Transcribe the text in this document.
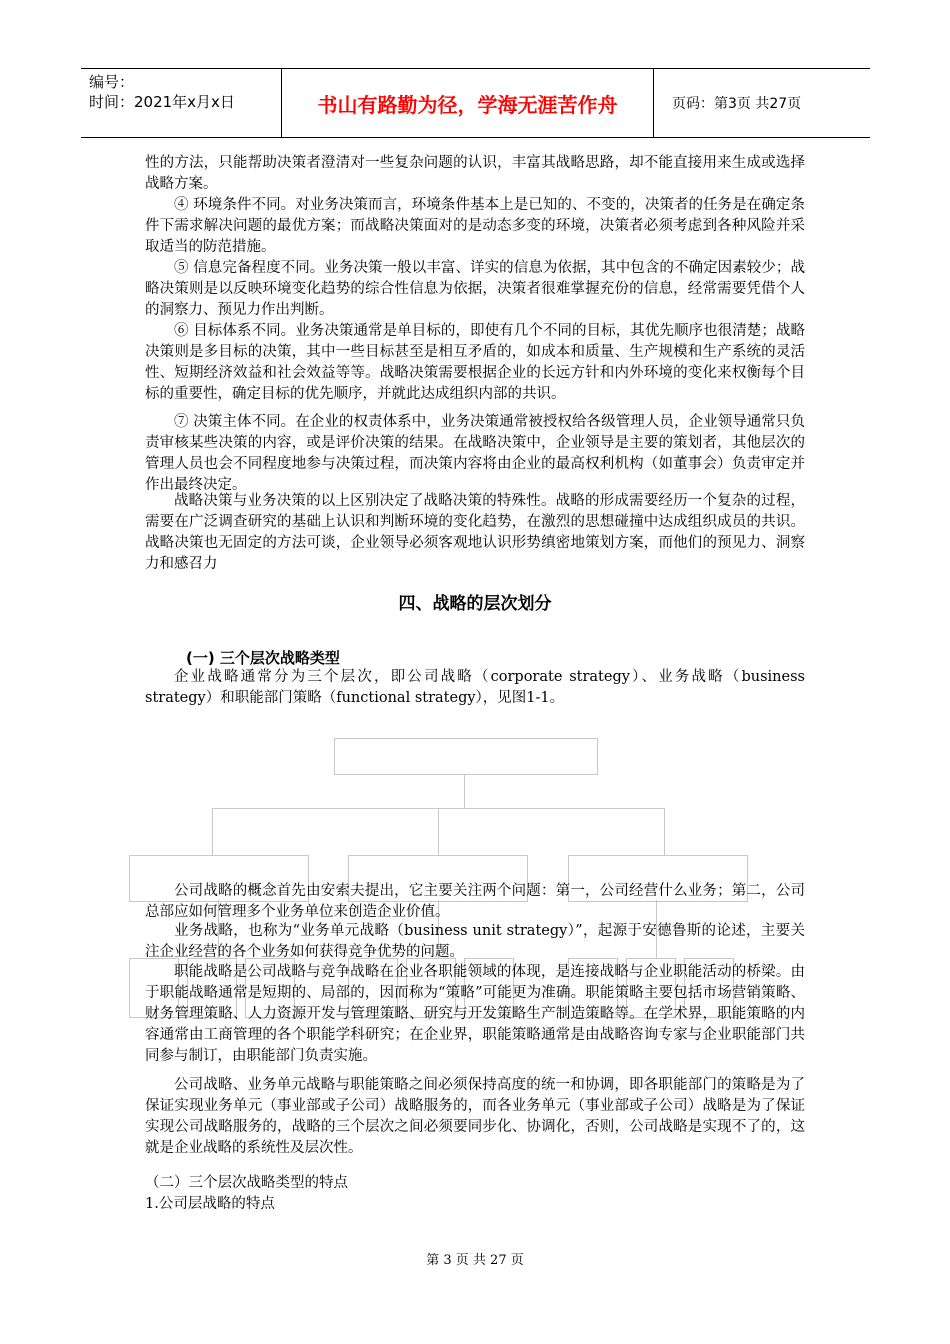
编号：
时间：2021年x月x日	书山有路勤为径，学海无涯苦作舟	页码：第3页 共27页
性的方法，只能帮助决策者澄清对一些复杂问题的认识，丰富其战略思路，却不能直接用来生成或选择战略方案。
④ 环境条件不同。对业务决策而言，环境条件基本上是已知的、不变的，决策者的任务是在确定条件下需求解决问题的最优方案；而战略决策面对的是动态多变的环境，决策者必须考虑到各种风险并采取适当的防范措施。
⑤ 信息完备程度不同。业务决策一般以丰富、详实的信息为依据，其中包含的不确定因素较少；战略决策则是以反映环境变化趋势的综合性信息为依据，决策者很难掌握充份的信息，经常需要凭借个人的洞察力、预见力作出判断。
⑥ 目标体系不同。业务决策通常是单目标的，即使有几个不同的目标，其优先顺序也很清楚；战略决策则是多目标的决策，其中一些目标甚至是相互矛盾的，如成本和质量、生产规模和生产系统的灵活性、短期经济效益和社会效益等等。战略决策需要根据企业的长远方针和内外环境的变化来权衡每个目标的重要性，确定目标的优先顺序，并就此达成组织内部的共识。
⑦ 决策主体不同。在企业的权责体系中，业务决策通常被授权给各级管理人员，企业领导通常只负责审核某些决策的内容，或是评价决策的结果。在战略决策中，企业领导是主要的策划者，其他层次的管理人员也会不同程度地参与决策过程，而决策内容将由企业的最高权利机构（如董事会）负责审定并作出最终决定。
战略决策与业务决策的以上区别决定了战略决策的特殊性。战略的形成需要经历一个复杂的过程，需要在广泛调查研究的基础上认识和判断环境的变化趋势，在激烈的思想碰撞中达成组织成员的共识。战略决策也无固定的方法可谈，企业领导必须客观地认识形势缜密地策划方案，而他们的预见力、洞察力和感召力
四、战略的层次划分
(一) 三个层次战略类型
企业战略通常分为三个层次，即公司战略（corporate strategy）、业务战略（business strategy）和职能部门策略（functional strategy），见图1-1。
公司战略的概念首先由安索夫提出，它主要关注两个问题：第一，公司经营什么业务；第二，公司总部应如何管理多个业务单位来创造企业价值。
业务战略，也称为“业务单元战略（business unit strategy）”，起源于安德鲁斯的论述，主要关注企业经营的各个业务如何获得竞争优势的问题。
职能战略是公司战略与竞争战略在企业各职能领域的体现，是连接战略与企业职能活动的桥梁。由于职能战略通常是短期的、局部的，因而称为“策略”可能更为准确。职能策略主要包括市场营销策略、财务管理策略、人力资源开发与管理策略、研究与开发策略生产制造策略等。在学术界，职能策略的内容通常由工商管理的各个职能学科研究；在企业界，职能策略通常是由战略咨询专家与企业职能部门共同参与制订，由职能部门负责实施。
公司战略、业务单元战略与职能策略之间必须保持高度的统一和协调，即各职能部门的策略是为了保证实现业务单元（事业部或子公司）战略服务的，而各业务单元（事业部或子公司）战略是为了保证实现公司战略服务的，战略的三个层次之间必须要同步化、协调化，否则，公司战略是实现不了的，这就是企业战略的系统性及层次性。
（二）三个层次战略类型的特点
1.公司层战略的特点
第 3 页 共 27 页
